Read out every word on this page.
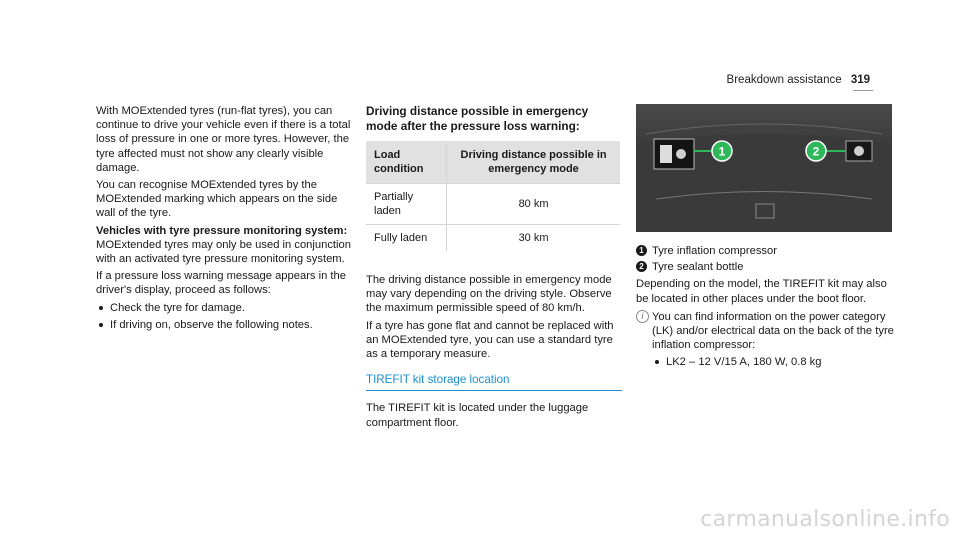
Breakdown assistance 319

With MOExtended tyres (run-flat tyres), you can continue to drive your vehicle even if there is a total loss of pressure in one or more tyres. However, the tyre affected must not show any clearly visible damage.

You can recognise MOExtended tyres by the MOExtended marking which appears on the side wall of the tyre.

Vehicles with tyre pressure monitoring system:

MOExtended tyres may only be used in conjunction with an activated tyre pressure monitoring system.

If a pressure loss warning message appears in the driver's display, proceed as follows:

Check the tyre for damage.
If driving on, observe the following notes.
Driving distance possible in emergency mode after the pressure loss warning:
Load condition	Driving distance possible in emergency mode
Partially laden	80 km
Fully laden	30 km

The driving distance possible in emergency mode may vary depending on the driving style. Observe the maximum permissible speed of 80 km/h.

If a tyre has gone flat and cannot be replaced with an MOExtended tyre, you can use a standard tyre as a temporary measure.

TIREFIT kit storage location

The TIREFIT kit is located under the luggage compartment floor.

1	2
1 Tyre inflation compressor
2 Tyre sealant bottle

Depending on the model, the TIREFIT kit may also be located in other places under the boot floor.

i You can find information on the power category (LK) and/or electrical data on the back of the tyre inflation compressor:
LK2 – 12 V/15 A, 180 W, 0.8 kg
carmanualsonline.info
